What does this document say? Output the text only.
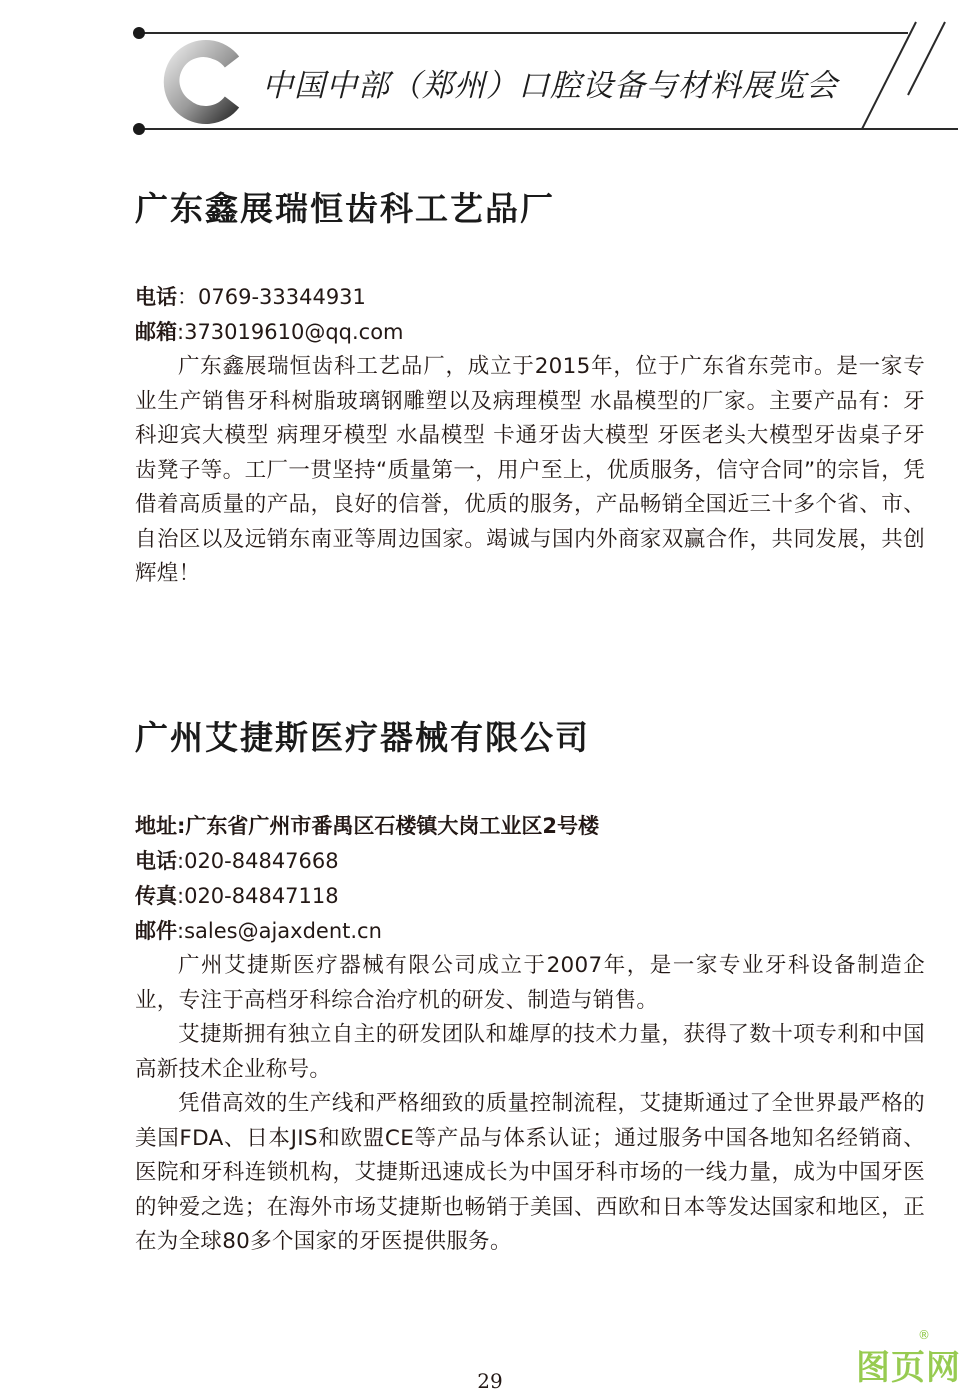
中国中部（郑州）口腔设备与材料展览会
广东鑫展瑞恒齿科工艺品厂
电话：0769-33344931
邮箱:373019610@qq.com

广东鑫展瑞恒齿科工艺品厂，成立于2015年，位于广东省东莞市。是一家专业生产销售牙科树脂玻璃钢雕塑以及病理模型 水晶模型的厂家。主要产品有：牙科迎宾大模型 病理牙模型 水晶模型 卡通牙齿大模型 牙医老头大模型牙齿桌子牙齿凳子等。工厂一贯坚持“质量第一，用户至上，优质服务，信守合同”的宗旨，凭借着高质量的产品，良好的信誉，优质的服务，产品畅销全国近三十多个省、市、自治区以及远销东南亚等周边国家。竭诚与国内外商家双赢合作，共同发展，共创辉煌！

广州艾捷斯医疗器械有限公司
地址:广东省广州市番禺区石楼镇大岗工业区2号楼
电话:020-84847668
传真:020-84847118
邮件:sales@ajaxdent.cn

广州艾捷斯医疗器械有限公司成立于2007年，是一家专业牙科设备制造企业，专注于高档牙科综合治疗机的研发、制造与销售。

艾捷斯拥有独立自主的研发团队和雄厚的技术力量，获得了数十项专利和中国高新技术企业称号。

凭借高效的生产线和严格细致的质量控制流程，艾捷斯通过了全世界最严格的美国FDA、日本JIS和欧盟CE等产品与体系认证；通过服务中国各地知名经销商、医院和牙科连锁机构，艾捷斯迅速成长为中国牙科市场的一线力量，成为中国牙医的钟爱之选；在海外市场艾捷斯也畅销于美国、西欧和日本等发达国家和地区，正在为全球80多个国家的牙医提供服务。

29	图页网
®
